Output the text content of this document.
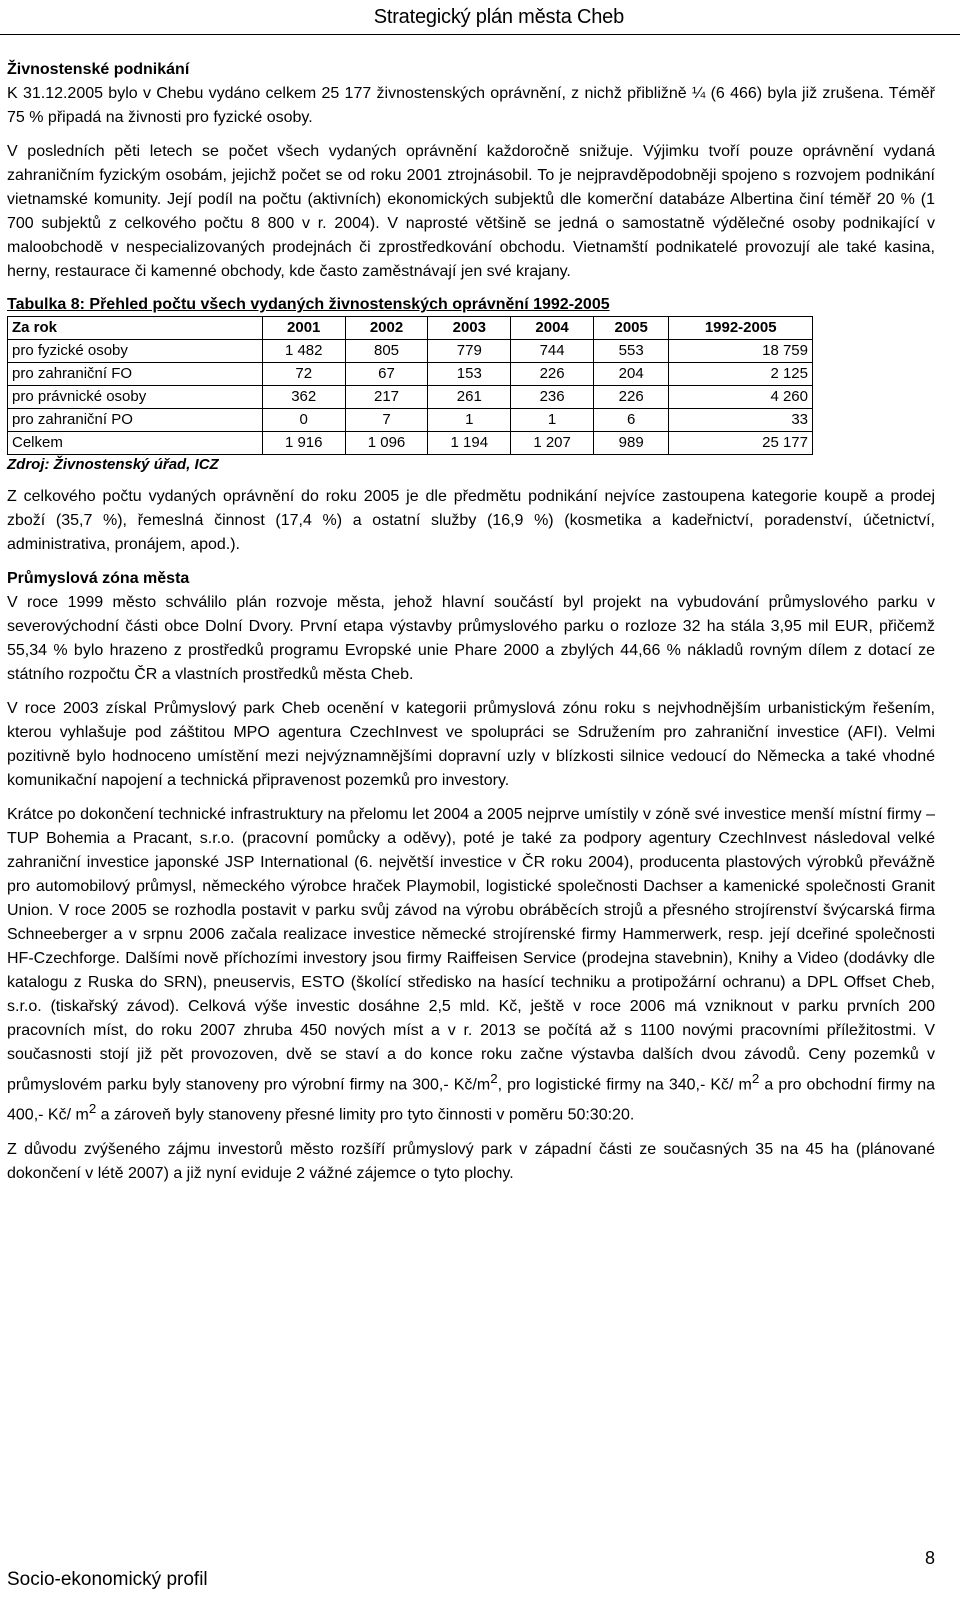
Strategický plán města Cheb
Živnostenské podnikání

K 31.12.2005 bylo v Chebu vydáno celkem 25 177 živnostenských oprávnění, z nichž přibližně ¼ (6 466) byla již zrušena. Téměř 75 % připadá na živnosti pro fyzické osoby.

V posledních pěti letech se počet všech vydaných oprávnění každoročně snižuje. Výjimku tvoří pouze oprávnění vydaná zahraničním fyzickým osobám, jejichž počet se od roku 2001 ztrojnásobil. To je nejpravděpodobněji spojeno s rozvojem podnikání vietnamské komunity. Její podíl na počtu (aktivních) ekonomických subjektů dle komerční databáze Albertina činí téměř 20 % (1 700 subjektů z celkového počtu 8 800 v r. 2004). V naprosté většině se jedná o samostatně výdělečné osoby podnikající v maloobchodě v nespecializovaných prodejnách či zprostředkování obchodu. Vietnamští podnikatelé provozují ale také kasina, herny, restaurace či kamenné obchody, kde často zaměstnávají jen své krajany.

Tabulka 8: Přehled počtu všech vydaných živnostenských oprávnění 1992-2005
Za rok	2001	2002	2003	2004	2005	1992-2005
pro fyzické osoby	1 482	805	779	744	553	18 759
pro zahraniční FO	72	67	153	226	204	2 125
pro právnické osoby	362	217	261	236	226	4 260
pro zahraniční PO	0	7	1	1	6	33
Celkem	1 916	1 096	1 194	1 207	989	25 177
Zdroj: Živnostenský úřad, ICZ

Z celkového počtu vydaných oprávnění do roku 2005 je dle předmětu podnikání nejvíce zastoupena kategorie koupě a prodej zboží (35,7 %), řemeslná činnost (17,4 %) a ostatní služby (16,9 %) (kosmetika a kadeřnictví, poradenství, účetnictví, administrativa, pronájem, apod.).

Průmyslová zóna města

V roce 1999 město schválilo plán rozvoje města, jehož hlavní součástí byl projekt na vybudování průmyslového parku v severovýchodní části obce Dolní Dvory. První etapa výstavby průmyslového parku o rozloze 32 ha stála 3,95 mil EUR, přičemž 55,34 % bylo hrazeno z prostředků programu Evropské unie Phare 2000 a zbylých 44,66 % nákladů rovným dílem z dotací ze státního rozpočtu ČR a vlastních prostředků města Cheb.

V roce 2003 získal Průmyslový park Cheb ocenění v kategorii průmyslová zónu roku s nejvhodnějším urbanistickým řešením, kterou vyhlašuje pod záštitou MPO agentura CzechInvest ve spolupráci se Sdružením pro zahraniční investice (AFI). Velmi pozitivně bylo hodnoceno umístění mezi nejvýznamnějšími dopravní uzly v blízkosti silnice vedoucí do Německa a také vhodné komunikační napojení a technická připravenost pozemků pro investory.

Krátce po dokončení technické infrastruktury na přelomu let 2004 a 2005 nejprve umístily v zóně své investice menší místní firmy – TUP Bohemia a Pracant, s.r.o. (pracovní pomůcky a oděvy), poté je také za podpory agentury CzechInvest následoval velké zahraniční investice japonské JSP International (6. největší investice v ČR roku 2004), producenta plastových výrobků převážně pro automobilový průmysl, německého výrobce hraček Playmobil, logistické společnosti Dachser a kamenické společnosti Granit Union. V roce 2005 se rozhodla postavit v parku svůj závod na výrobu obráběcích strojů a přesného strojírenství švýcarská firma Schneeberger a v srpnu 2006 začala realizace investice německé strojírenské firmy Hammerwerk, resp. její dceřiné společnosti HF-Czechforge. Dalšími nově příchozími investory jsou firmy Raiffeisen Service (prodejna stavebnin), Knihy a Video (dodávky dle katalogu z Ruska do SRN), pneuservis, ESTO (školící středisko na hasící techniku a protipožární ochranu) a DPL Offset Cheb, s.r.o. (tiskařský závod). Celková výše investic dosáhne 2,5 mld. Kč, ještě v roce 2006 má vzniknout v parku prvních 200 pracovních míst, do roku 2007 zhruba 450 nových míst a v r. 2013 se počítá až s 1100 novými pracovními příležitostmi. V současnosti stojí již pět provozoven, dvě se staví a do konce roku začne výstavba dalších dvou závodů. Ceny pozemků v průmyslovém parku byly stanoveny pro výrobní firmy na 300,- $Kč/m^2$, pro logistické firmy na 340,- Kč/ $m^2$ a pro obchodní firmy na 400,- Kč/ $m^2$ a zároveň byly stanoveny přesné limity pro tyto činnosti v poměru 50:30:20.

Z důvodu zvýšeného zájmu investorů město rozšíří průmyslový park v západní části ze současných 35 na 45 ha (plánované dokončení v létě 2007) a již nyní eviduje 2 vážné zájemce o tyto plochy.

8
Socio-ekonomický profil
